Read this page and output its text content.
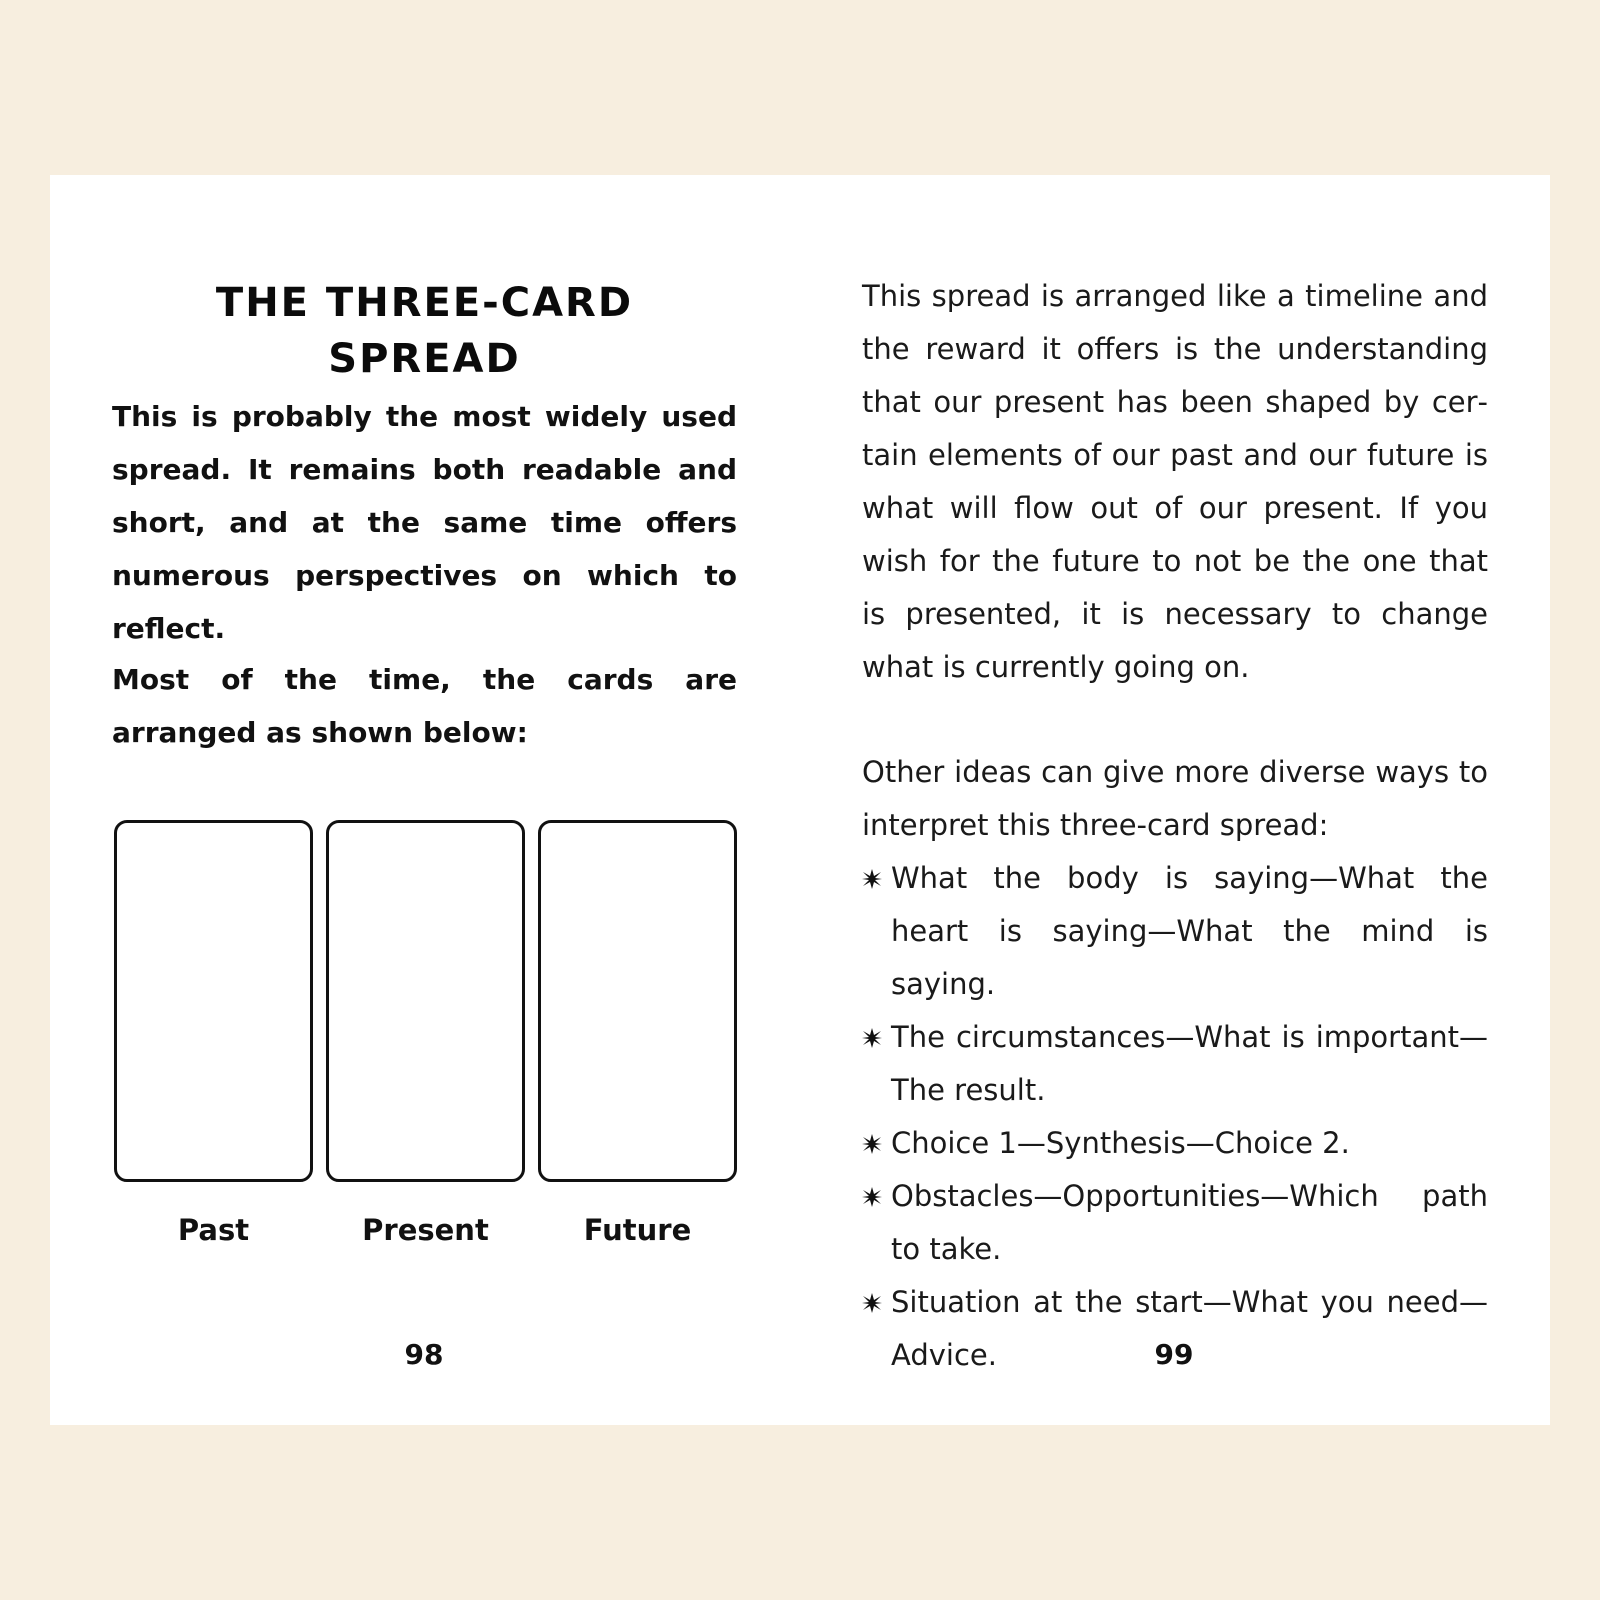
THE THREE-CARD SPREAD

This is probably the most widely used spread. It remains both readable and short, and at the same time offers numerous perspectives on which to reflect.

Most of the time, the cards are arranged as shown below:

Past	Present	Future
98

This spread is arranged like a timeline and the reward it offers is the understanding that our present has been shaped by certain elements of our past and our future is what will flow out of our present. If you wish for the future to not be the one that is presented, it is necessary to change what is currently going on.

Other ideas can give more diverse ways to interpret this three-card spread:

What the body is saying—What the heart is saying—What the mind is saying.
The circumstances—What is important—The result.
Choice 1—Synthesis—Choice 2.
Obstacles—Opportunities—Which path to take.
Situation at the start—What you need—Advice.	99
